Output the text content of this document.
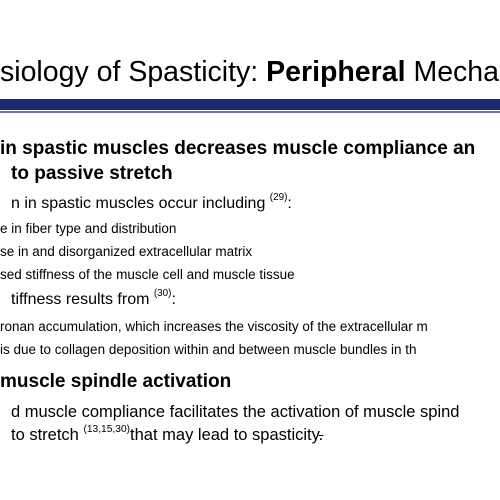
siology of Spasticity: Peripheral Mecha
in spastic muscles decreases muscle compliance an
to passive stretch
n in spastic muscles occur including $^{(29)}$:
e in fiber type and distribution
se in and disorganized extracellular matrix
sed stiffness of the muscle cell and muscle tissue
tiffness results from $^{(30)}$:
ronan accumulation, which increases the viscosity of the extracellular m
is due to collagen deposition within and between muscle bundles in th
muscle spindle activation
d muscle compliance facilitates the activation of muscle spind
to stretch $^{(13,15,30)}$that may lead to spasticity.
